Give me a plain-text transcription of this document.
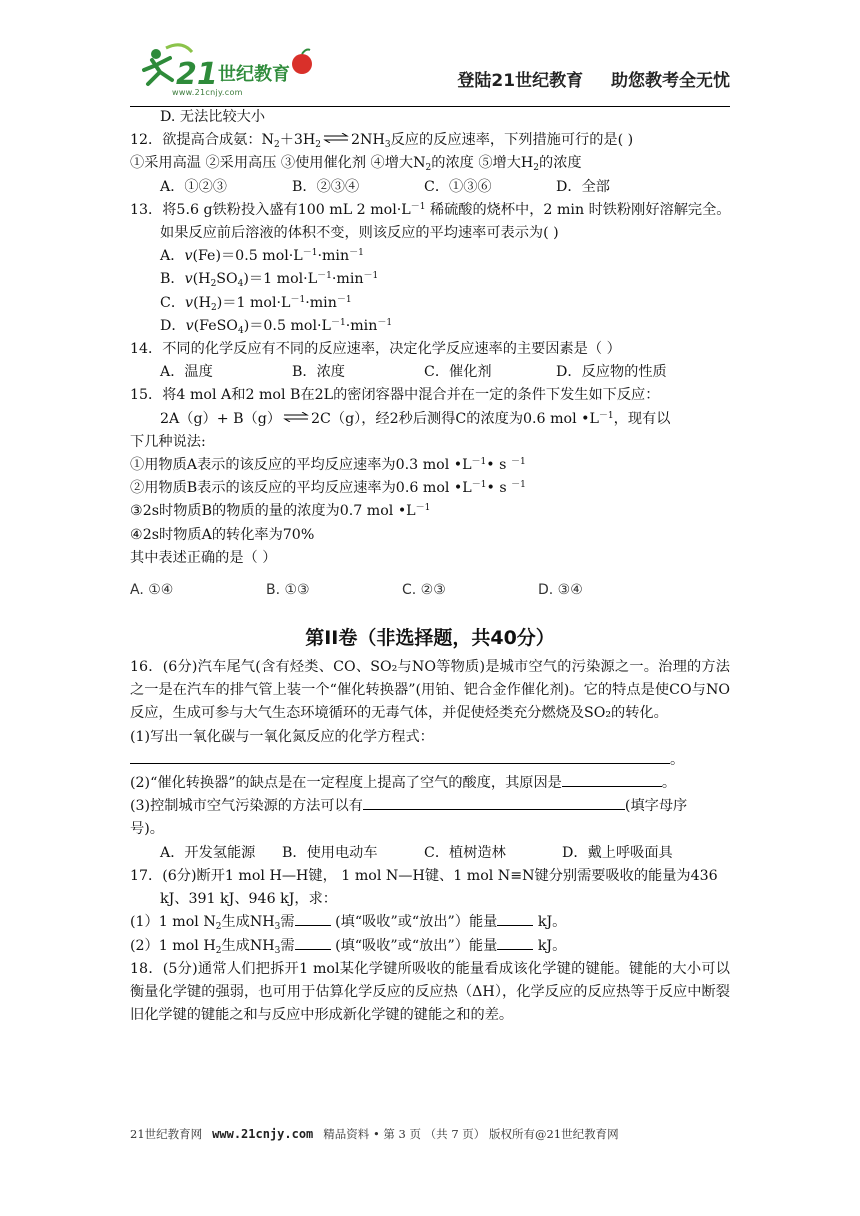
21 世纪教育
www.21cnjy.com
登陆21世纪教育 助您教考全无忧
D. 无法比较大小
12．欲提高合成氨：$N_2+3H_2$ ⇌ $2NH_3$反应的反应速率，下列措施可行的是( )
①采用高温 ②采用高压 ③使用催化剂 ④增大$N_2$的浓度 ⑤增大$H_2$的浓度
A．①②③	B．②③④	C．①③⑥	D．全部
13．将5.6 g铁粉投入盛有100 mL 2 $mol\cdot L^{-1}$ 稀硫酸的烧杯中，2 min 时铁粉刚好溶解完全。
如果反应前后溶液的体积不变，则该反应的平均速率可表示为( )
A．v(Fe)＝0.5 $mol\cdot L^{-1}\cdot\min^{-1}$
B．$v(H_2SO_4)=1$ $mol\cdot L^{-1}\cdot\min^{-1}$
C．$v(H_2)=1$ $mol\cdot L^{-1}\cdot\min^{-1}$
D．v(FeSO$_4$)＝0.5 $mol\cdot L^{-1}\cdot\min^{-1}$
14．不同的化学反应有不同的反应速率，决定化学反应速率的主要因素是（ ）
A．温度	B．浓度	C．催化剂	D．反应物的性质
15．将4 mol A和2 mol B在2L的密闭容器中混合并在一定的条件下发生如下反应：
2A（g）+ B（g） ⇌ 2C（g），经2秒后测得C的浓度为0.6 mol $•L^{-1}$，现有以
下几种说法:
①用物质A表示的该反应的平均反应速率为0.3 mol $•L^{-1}•$ s $^{-1}$
②用物质B表示的该反应的平均反应速率为0.6 mol $•L^{-1}•$ s $^{-1}$
③2s时物质B的物质的量的浓度为0.7 mol $•L^{-1}$
④2s时物质A的转化率为70%
其中表述正确的是（ ）
A. ①④	B. ①③	C. ②③	D. ③④
第II卷（非选择题，共40分）
16．(6分)汽车尾气(含有烃类、CO、SO₂与NO等物质)是城市空气的污染源之一。治理的方法之一是在汽车的排气管上装一个“催化转换器”(用铂、钯合金作催化剂)。它的特点是使CO与NO反应，生成可参与大气生态环境循环的无毒气体，并促使烃类充分燃烧及SO₂的转化。
(1)写出一氧化碳与一氧化氮反应的化学方程式：
。
(2)“催化转换器”的缺点是在一定程度上提高了空气的酸度，其原因是	。
(3)控制城市空气污染源的方法可以有	(填字母序
号)。
A．开发氢能源	B．使用电动车	C．植树造林	D．戴上呼吸面具
17．(6分)断开1 mol H—H键， 1 mol N—H键、1 mol N≡N键分别需要吸收的能量为436
kJ、391 kJ、946 kJ，求：
(1）1 mol $N_2$生成$NH_3$需	(填“吸收”或“放出”）能量	kJ。
(2）1 mol $H_2$生成$NH_3$需	(填“吸收”或“放出”）能量	kJ。
18．(5分)通常人们把拆开1 mol某化学键所吸收的能量看成该化学键的键能。键能的大小可以衡量化学键的强弱，也可用于估算化学反应的反应热（ΔH），化学反应的反应热等于反应中断裂旧化学键的键能之和与反应中形成新化学键的键能之和的差。
21世纪教育网 www.21cnjy.com 精品资料 • 第 3 页 （共 7 页） 版权所有@21世纪教育网
